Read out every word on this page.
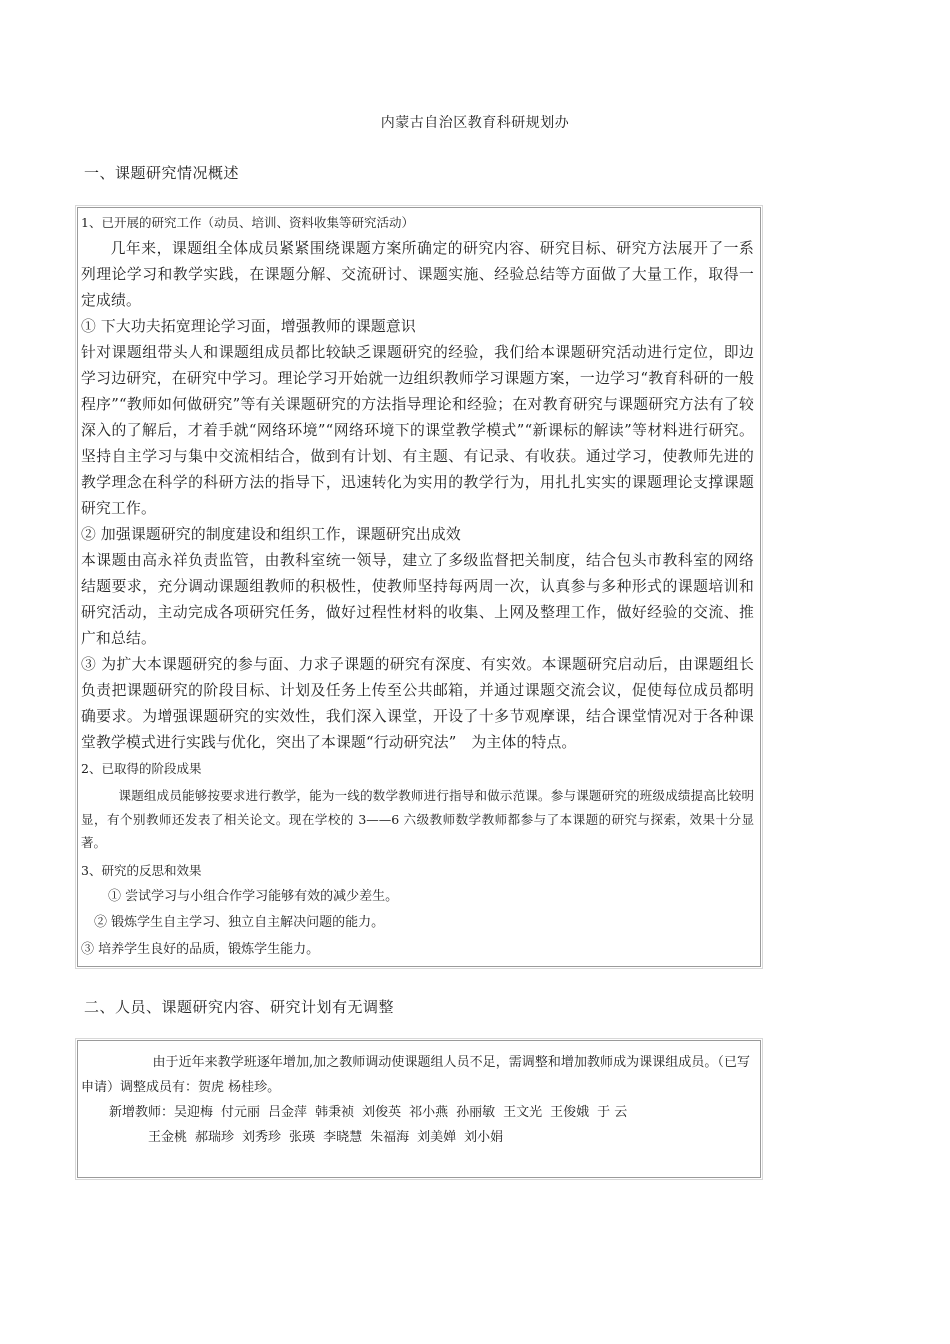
内蒙古自治区教育科研规划办
一、课题研究情况概述

1、已开展的研究工作（动员、培训、资料收集等研究活动）

几年来，课题组全体成员紧紧围绕课题方案所确定的研究内容、研究目标、研究方法展开了一系列理论学习和教学实践，在课题分解、交流研讨、课题实施、经验总结等方面做了大量工作，取得一定成绩。

① 下大功夫拓宽理论学习面，增强教师的课题意识

针对课题组带头人和课题组成员都比较缺乏课题研究的经验，我们给本课题研究活动进行定位，即边学习边研究，在研究中学习。理论学习开始就一边组织教师学习课题方案，一边学习“教育科研的一般程序”“教师如何做研究”等有关课题研究的方法指导理论和经验；在对教育研究与课题研究方法有了较深入的了解后，才着手就“网络环境”“网络环境下的课堂教学模式”“新课标的解读”等材料进行研究。坚持自主学习与集中交流相结合，做到有计划、有主题、有记录、有收获。通过学习，使教师先进的教学理念在科学的科研方法的指导下，迅速转化为实用的教学行为，用扎扎实实的课题理论支撑课题研究工作。

② 加强课题研究的制度建设和组织工作，课题研究出成效

本课题由高永祥负责监管，由教科室统一领导，建立了多级监督把关制度，结合包头市教科室的网络结题要求，充分调动课题组教师的积极性，使教师坚持每两周一次，认真参与多种形式的课题培训和研究活动，主动完成各项研究任务，做好过程性材料的收集、上网及整理工作，做好经验的交流、推广和总结。

③ 为扩大本课题研究的参与面、力求子课题的研究有深度、有实效。本课题研究启动后，由课题组长负责把课题研究的阶段目标、计划及任务上传至公共邮箱，并通过课题交流会议，促使每位成员都明确要求。为增强课题研究的实效性，我们深入课堂，开设了十多节观摩课，结合课堂情况对于各种课堂教学模式进行实践与优化，突出了本课题“行动研究法”　为主体的特点。

2、已取得的阶段成果

课题组成员能够按要求进行教学，能为一线的数学教师进行指导和做示范课。参与课题研究的班级成绩提高比较明显，有个别教师还发表了相关论文。现在学校的 3——6 六级教师数学教师都参与了本课题的研究与探索，效果十分显著。

3、研究的反思和效果

① 尝试学习与小组合作学习能够有效的减少差生。

② 锻炼学生自主学习、独立自主解决问题的能力。

③ 培养学生良好的品质，锻炼学生能力。

二、人员、课题研究内容、研究计划有无调整

由于近年来教学班逐年增加,加之教师调动使课题组人员不足，需调整和增加教师成为课课组成员。（已写申请）调整成员有：贺虎 杨桂珍。

新增教师：吴迎梅 付元丽 吕金萍 韩秉祯 刘俊英 祁小燕 孙丽敏 王文光 王俊娥 于 云

王金桃 郝瑞珍 刘秀珍 张瑛 李晓慧 朱福海 刘美婵 刘小娟
